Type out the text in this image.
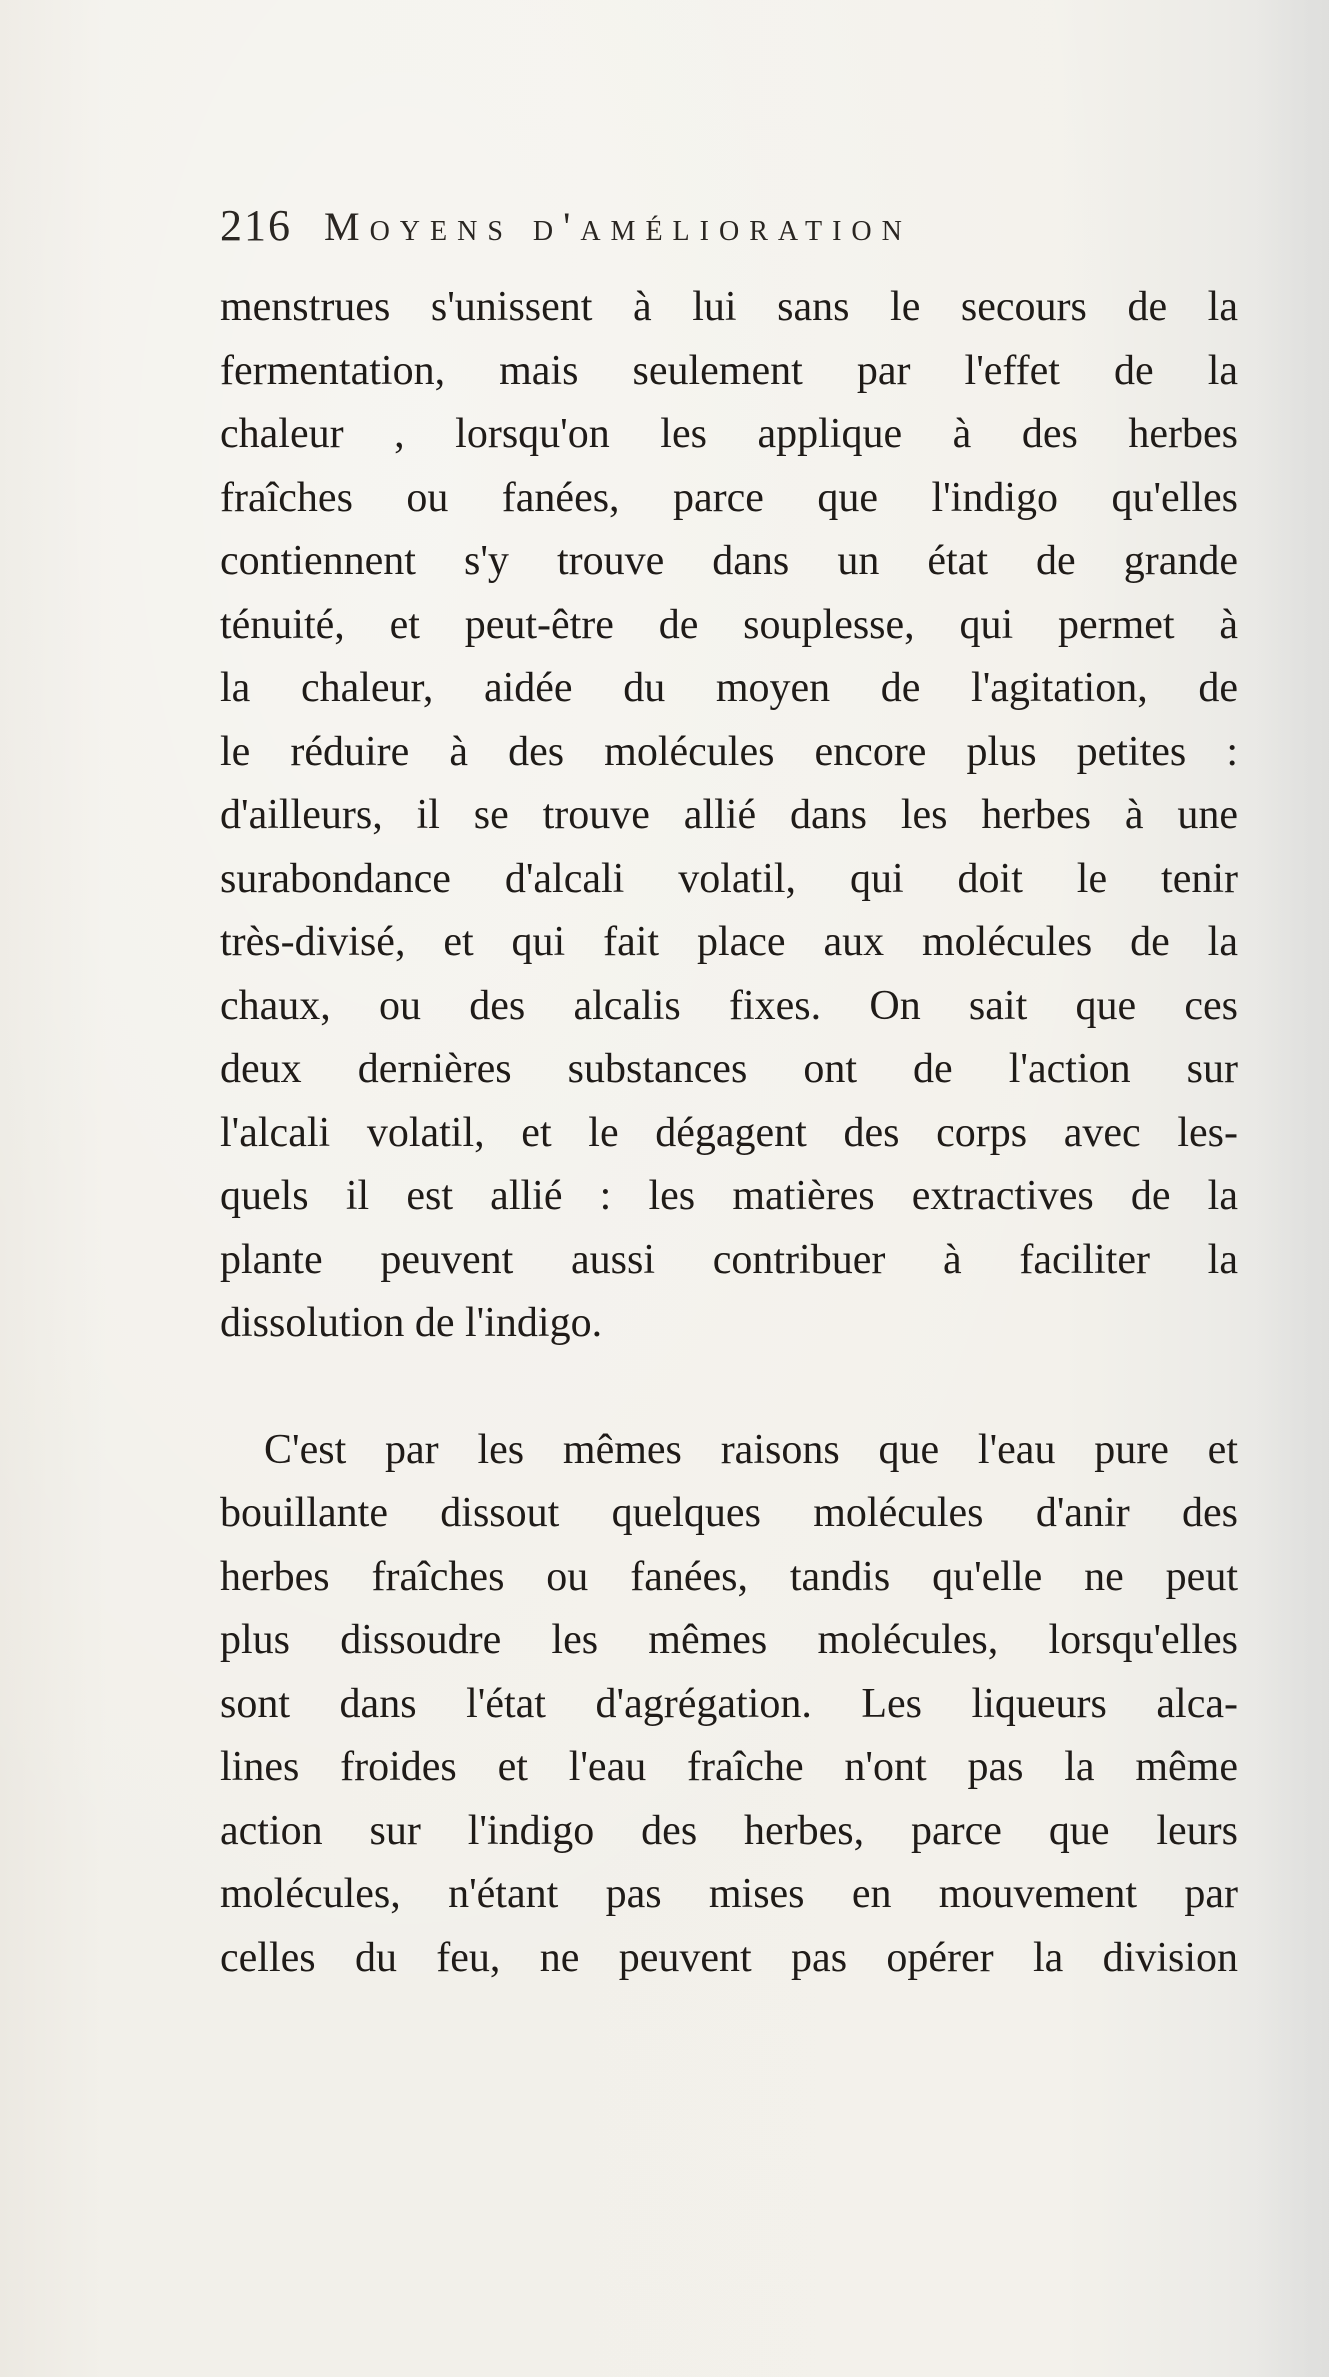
216 Moyens d'amélioration

menstrues s'unissent à lui sans le secours de la
fermentation, mais seulement par l'effet de la
chaleur , lorsqu'on les applique à des herbes
fraîches ou fanées, parce que l'indigo qu'elles
contiennent s'y trouve dans un état de grande
ténuité, et peut-être de souplesse, qui permet à
la chaleur, aidée du moyen de l'agitation, de
le réduire à des molécules encore plus petites :
d'ailleurs, il se trouve allié dans les herbes à une
surabondance d'alcali volatil, qui doit le tenir
très-divisé, et qui fait place aux molécules de la
chaux, ou des alcalis fixes. On sait que ces
deux dernières substances ont de l'action sur
l'alcali volatil, et le dégagent des corps avec les-
quels il est allié : les matières extractives de la
plante peuvent aussi contribuer à faciliter la
dissolution de l'indigo.

C'est par les mêmes raisons que l'eau pure et
bouillante dissout quelques molécules d'anir des
herbes fraîches ou fanées, tandis qu'elle ne peut
plus dissoudre les mêmes molécules, lorsqu'elles
sont dans l'état d'agrégation. Les liqueurs alca-
lines froides et l'eau fraîche n'ont pas la même
action sur l'indigo des herbes, parce que leurs
molécules, n'étant pas mises en mouvement par
celles du feu, ne peuvent pas opérer la division
